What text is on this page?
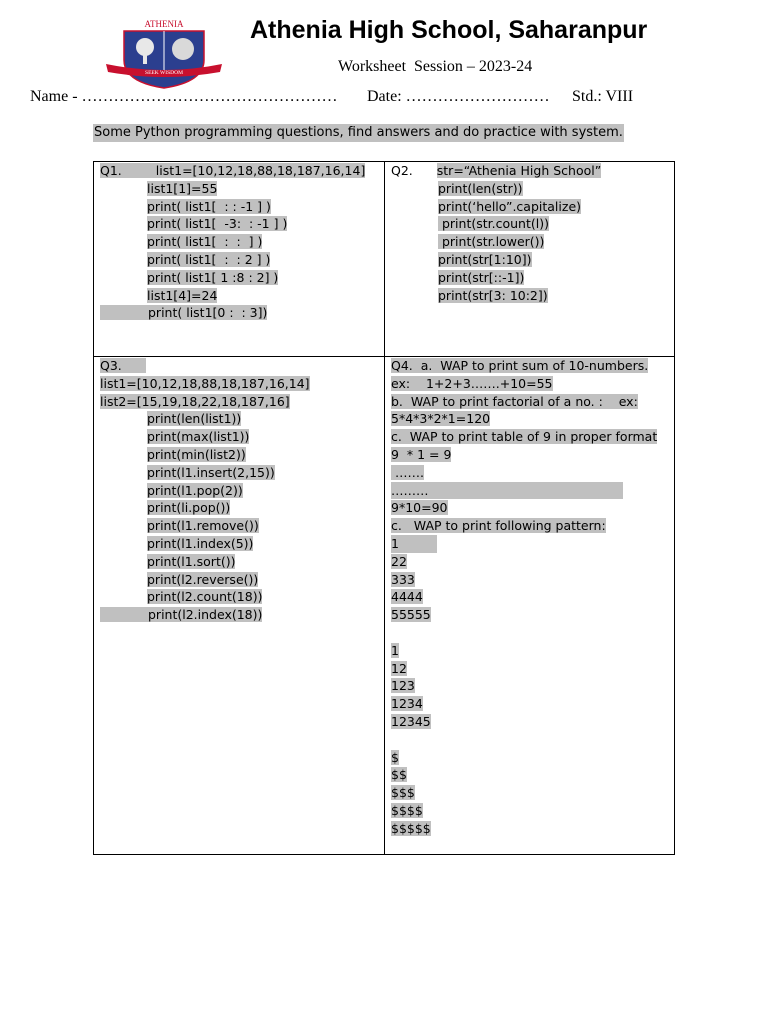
ATHENIA
SEEK WISDOM
Athenia High School, Saharanpur
Worksheet  Session – 2023-24
Name - ………………………………………… Date: ……………………… Std.: VIII
Some Python programming questions, find answers and do practice with system.
Q1.	list1=[10,12,18,88,18,187,16,14]
list1[1]=55
print( list1[  : : -1 ] )
print( list1[  -3:  : -1 ] )
print( list1[  :  :  ] )
print( list1[  :  : 2 ] )
print( list1[ 1 :8 : 2] )
list1[4]=24
print( list1[0 :  : 3])
Q2. str=“Athenia High School”
print(len(str))
print(‘hello”.capitalize)
print(str.count(l))
print(str.lower())
print(str[1:10])
print(str[::-1])
print(str[3: 10:2])
Q3.
list1=[10,12,18,88,18,187,16,14]
list2=[15,19,18,22,18,187,16]
print(len(list1))
print(max(list1))
print(min(list2))
print(l1.insert(2,15))
print(l1.pop(2))
print(li.pop())
print(l1.remove())
print(l1.index(5))
print(l1.sort())
print(l2.reverse())
print(l2.count(18))
print(l2.index(18))
Q4.  a.  WAP to print sum of 10-numbers.
ex:    1+2+3…….+10=55
b.  WAP to print factorial of a no. :    ex:
5*4*3*2*1=120
c.  WAP to print table of 9 in proper format
9  * 1 = 9
…….
………
9*10=90
c.   WAP to print following pattern:
1
22
333
4444
55555
1
12
123
1234
12345
$
$$
$$$
$$$$
$$$$$
